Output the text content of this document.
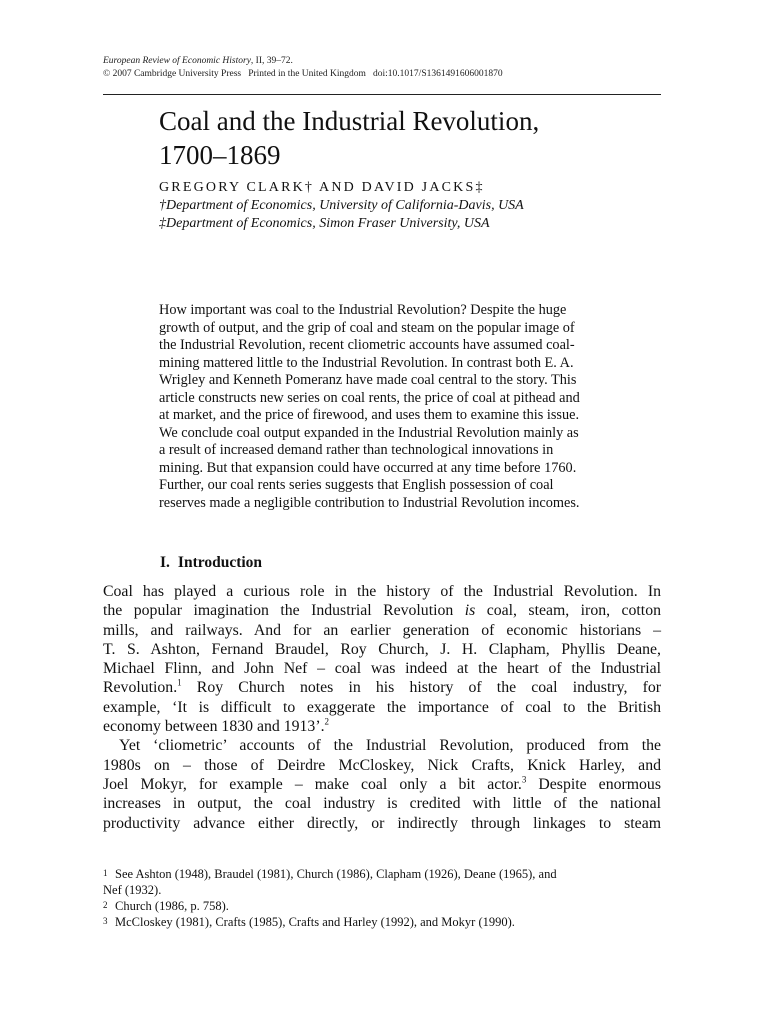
European Review of Economic History, II, 39–72.
© 2007 Cambridge University Press Printed in the United Kingdom doi:10.1017/S1361491606001870
Coal and the Industrial Revolution,
1700–1869
GREGORY CLARK† AND DAVID JACKS‡
†Department of Economics, University of California-Davis, USA
‡Department of Economics, Simon Fraser University, USA
How important was coal to the Industrial Revolution? Despite the huge
growth of output, and the grip of coal and steam on the popular image of
the Industrial Revolution, recent cliometric accounts have assumed coal-
mining mattered little to the Industrial Revolution. In contrast both E. A.
Wrigley and Kenneth Pomeranz have made coal central to the story. This
article constructs new series on coal rents, the price of coal at pithead and
at market, and the price of firewood, and uses them to examine this issue.
We conclude coal output expanded in the Industrial Revolution mainly as
a result of increased demand rather than technological innovations in
mining. But that expansion could have occurred at any time before 1760.
Further, our coal rents series suggests that English possession of coal
reserves made a negligible contribution to Industrial Revolution incomes.
I. Introduction
Coal has played a curious role in the history of the Industrial Revolution. In
the popular imagination the Industrial Revolution is coal, steam, iron, cotton
mills, and railways. And for an earlier generation of economic historians –
T. S. Ashton, Fernand Braudel, Roy Church, J. H. Clapham, Phyllis Deane,
Michael Flinn, and John Nef – coal was indeed at the heart of the Industrial
Revolution.$^1$ Roy Church notes in his history of the coal industry, for
example, ‘It is difficult to exaggerate the importance of coal to the British
economy between 1830 and 1913’.$^2$
Yet ‘cliometric’ accounts of the Industrial Revolution, produced from the
1980s on – those of Deirdre McCloskey, Nick Crafts, Knick Harley, and
Joel Mokyr, for example – make coal only a bit actor.$^3$ Despite enormous
increases in output, the coal industry is credited with little of the national
productivity advance either directly, or indirectly through linkages to steam
1 See Ashton (1948), Braudel (1981), Church (1986), Clapham (1926), Deane (1965), and
Nef (1932).
2 Church (1986, p. 758).
3 McCloskey (1981), Crafts (1985), Crafts and Harley (1992), and Mokyr (1990).
